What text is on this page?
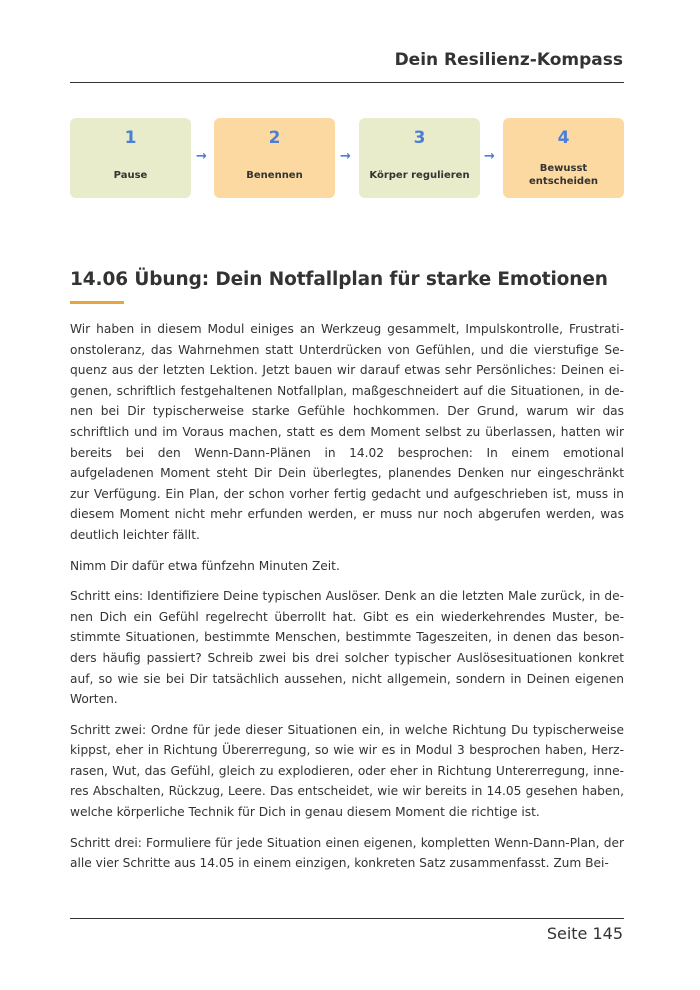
Dein Resilienz-Kompass
1
Pause
2
Benennen
3
Körper regulieren
4
Bewusst entscheiden
→	→	→
14.06 Übung: Dein Notfallplan für starke Emotionen

Wir haben in diesem Modul einiges an Werkzeug gesammelt, Impulskontrolle, Frustrationstoleranz, das Wahrnehmen statt Unterdrücken von Gefühlen, und die vierstufige Sequenz aus der letzten Lektion. Jetzt bauen wir darauf etwas sehr Persönliches: Deinen eigenen, schriftlich festgehaltenen Notfallplan, maßgeschneidert auf die Situationen, in denen bei Dir typischerweise starke Gefühle hochkommen. Der Grund, warum wir das schriftlich und im Voraus machen, statt es dem Moment selbst zu überlassen, hatten wir bereits bei den Wenn-Dann-Plänen in 14.02 besprochen: In einem emotional aufgeladenen Moment steht Dir Dein überlegtes, planendes Denken nur eingeschränkt zur Verfügung. Ein Plan, der schon vorher fertig gedacht und aufgeschrieben ist, muss in diesem Moment nicht mehr erfunden werden, er muss nur noch abgerufen werden, was deutlich leichter fällt.

Nimm Dir dafür etwa fünfzehn Minuten Zeit.

Schritt eins: Identifiziere Deine typischen Auslöser. Denk an die letzten Male zurück, in denen Dich ein Gefühl regelrecht überrollt hat. Gibt es ein wiederkehrendes Muster, bestimmte Situationen, bestimmte Menschen, bestimmte Tageszeiten, in denen das besonders häufig passiert? Schreib zwei bis drei solcher typischer Auslösesituationen konkret auf, so wie sie bei Dir tatsächlich aussehen, nicht allgemein, sondern in Deinen eigenen Worten.

Schritt zwei: Ordne für jede dieser Situationen ein, in welche Richtung Du typischerweise kippst, eher in Richtung Übererregung, so wie wir es in Modul 3 besprochen haben, Herzrasen, Wut, das Gefühl, gleich zu explodieren, oder eher in Richtung Untererregung, inneres Abschalten, Rückzug, Leere. Das entscheidet, wie wir bereits in 14.05 gesehen haben, welche körperliche Technik für Dich in genau diesem Moment die richtige ist.

Schritt drei: Formuliere für jede Situation einen eigenen, kompletten Wenn-Dann-Plan, der alle vier Schritte aus 14.05 in einem einzigen, konkreten Satz zusammenfasst. Zum Bei-

Seite 145
